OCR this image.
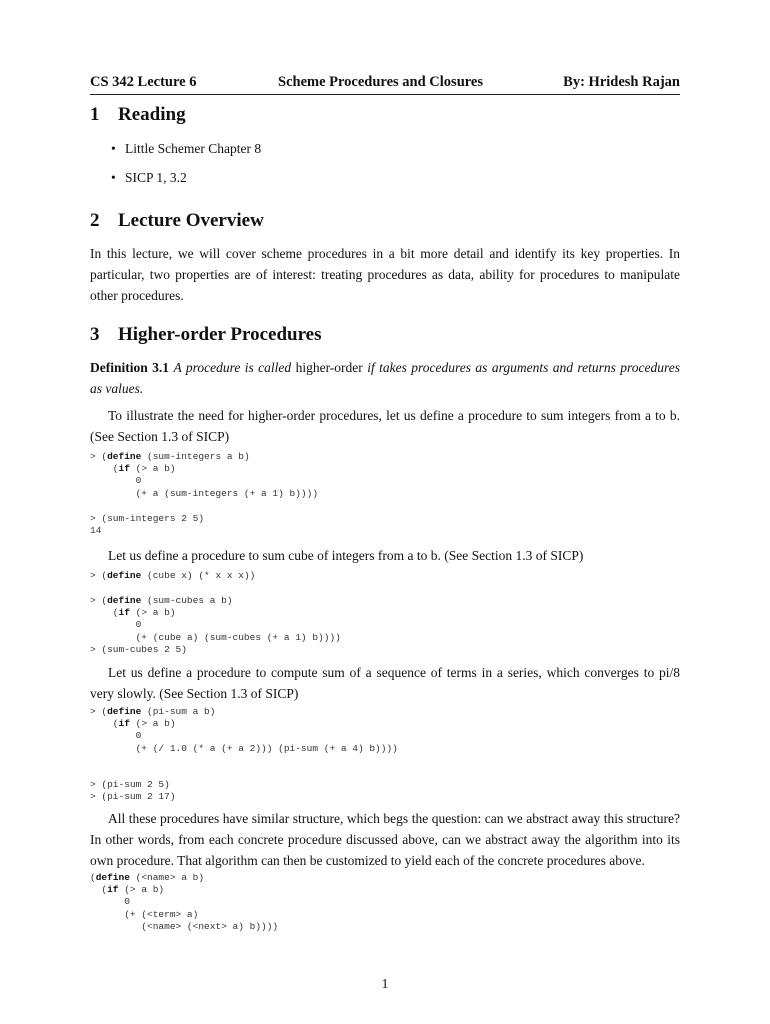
CS 342 Lecture 6	Scheme Procedures and Closures	By: Hridesh Rajan
1 Reading
• Little Schemer Chapter 8
• SICP 1, 3.2
2 Lecture Overview
In this lecture, we will cover scheme procedures in a bit more detail and identify its key properties. In
particular, two properties are of interest: treating procedures as data, ability for procedures to manipulate
other procedures.
3 Higher-order Procedures
Definition 3.1 A procedure is called higher-order if takes procedures as arguments and returns procedures
as values.
To illustrate the need for higher-order procedures, let us define a procedure to sum integers from a to b.
(See Section 1.3 of SICP)
> (define (sum-integers a b)
(if (> a b)
0
(+ a (sum-integers (+ a 1) b))))
> (sum-integers 2 5)
14
Let us define a procedure to sum cube of integers from a to b. (See Section 1.3 of SICP)
> (define (cube x) (* x x x))
> (define (sum-cubes a b)
(if (> a b)
0
(+ (cube a) (sum-cubes (+ a 1) b))))
> (sum-cubes 2 5)
Let us define a procedure to compute sum of a sequence of terms in a series, which converges to pi/8
very slowly. (See Section 1.3 of SICP)
> (define (pi-sum a b)
(if (> a b)
0
(+ (/ 1.0 (* a (+ a 2))) (pi-sum (+ a 4) b))))
> (pi-sum 2 5)
> (pi-sum 2 17)
All these procedures have similar structure, which begs the question: can we abstract away this structure?
In other words, from each concrete procedure discussed above, can we abstract away the algorithm into its
own procedure. That algorithm can then be customized to yield each of the concrete procedures above.
(define (<name> a b)
(if (> a b)
0
(+ (<term> a)
(<name> (<next> a) b))))
1
